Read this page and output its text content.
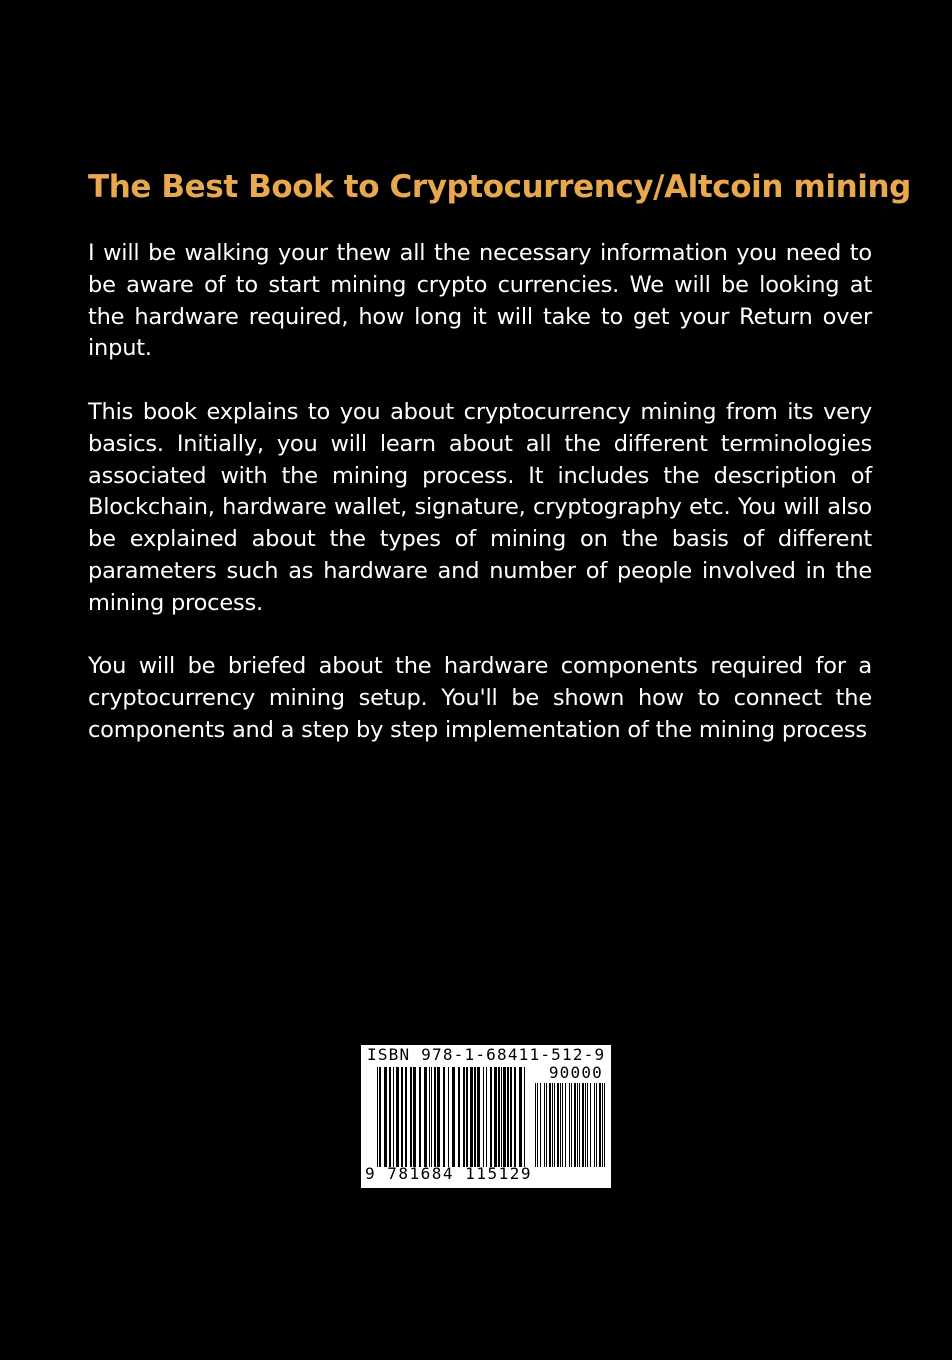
The Best Book to Cryptocurrency/Altcoin mining

I will be walking your thew all the necessary information you need to be aware of to start mining crypto currencies. We will be looking at the hardware required, how long it will take to get your Return over input.

This book explains to you about cryptocurrency mining from its very basics. Initially, you will learn about all the different terminologies associated with the mining process. It includes the description of Blockchain, hardware wallet, signature, cryptography etc. You will also be explained about the types of mining on the basis of different parameters such as hardware and number of people involved in the mining process.

You will be briefed about the hardware components required for a cryptocurrency mining setup. You'll be shown how to connect the components and a step by step implementation of the mining process

ISBN 978-1-68411-512-9
90000
9 781684 115129
